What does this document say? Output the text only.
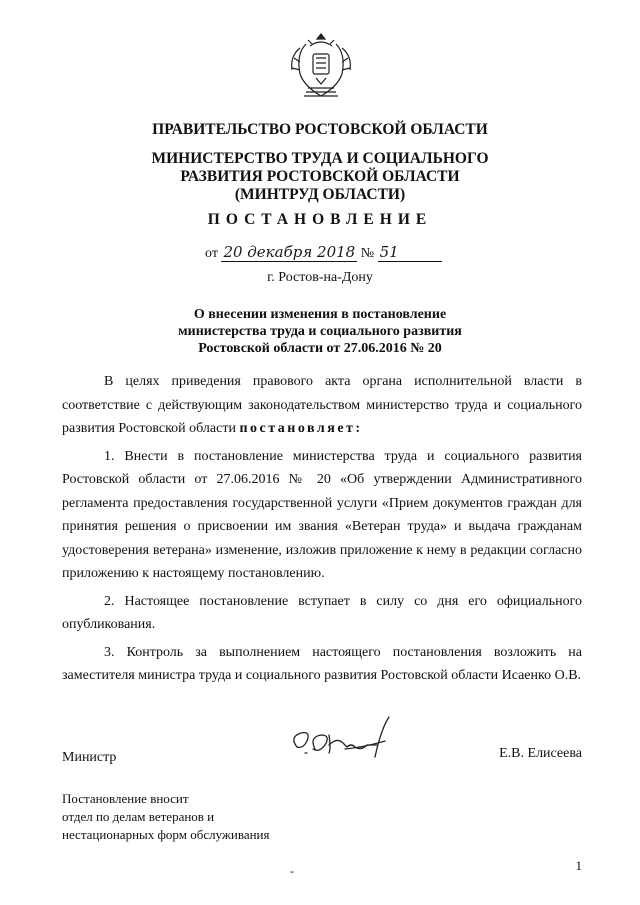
ПРАВИТЕЛЬСТВО РОСТОВСКОЙ ОБЛАСТИ
МИНИСТЕРСТВО ТРУДА И СОЦИАЛЬНОГО
РАЗВИТИЯ РОСТОВСКОЙ ОБЛАСТИ
(МИНТРУД ОБЛАСТИ)
ПОСТАНОВЛЕНИЕ
от 20 декабря 2018 № 51
г. Ростов-на-Дону
О внесении изменения в постановление
министерства труда и социального развития
Ростовской области от 27.06.2016 № 20

В целях приведения правового акта органа исполнительной власти в соответствие с действующим законодательством министерство труда и социального развития Ростовской области постановляет:

1. Внести в постановление министерства труда и социального развития Ростовской области от 27.06.2016 № 20 «Об утверждении Административного регламента предоставления государственной услуги «Прием документов граждан для принятия решения о присвоении им звания «Ветеран труда» и выдача гражданам удостоверения ветерана» изменение, изложив приложение к нему в редакции согласно приложению к настоящему постановлению.

2. Настоящее постановление вступает в силу со дня его официального опубликования.

3. Контроль за выполнением настоящего постановления возложить на заместителя министра труда и социального развития Ростовской области Исаенко О.В.

Министр	Е.В. Елисеева
Постановление вносит
отдел по делам ветеранов и
нестационарных форм обслуживания
-	1
